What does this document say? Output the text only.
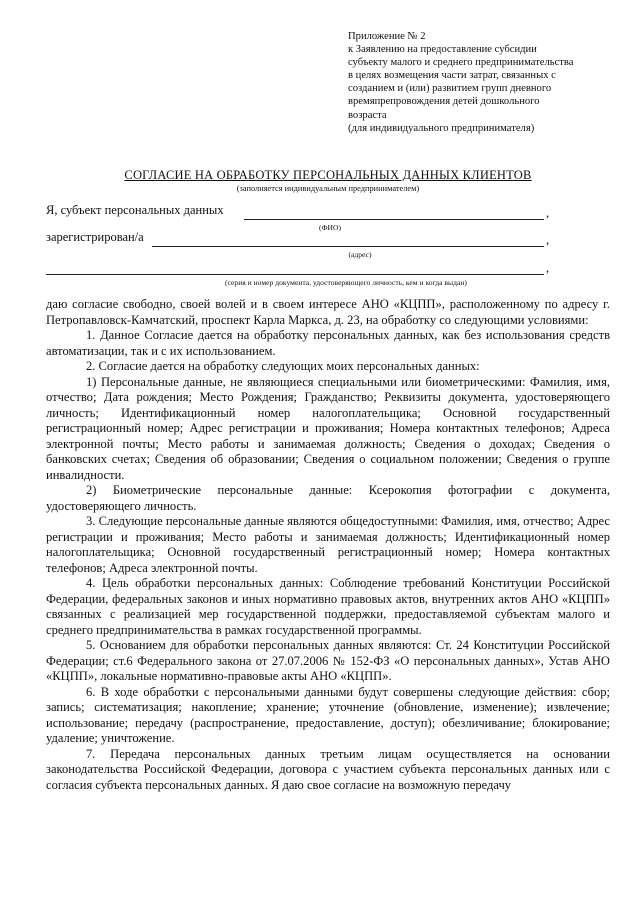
Приложение № 2
к Заявлению на предоставление субсидии
субъекту малого и среднего предпринимательства
в целях возмещения части затрат, связанных с
созданием и (или) развитием групп дневного
времяпрепровождения детей дошкольного
возраста
(для индивидуального предпринимателя)
СОГЛАСИЕ НА ОБРАБОТКУ ПЕРСОНАЛЬНЫХ ДАННЫХ КЛИЕНТОВ
(заполняется индивидуальным предпринимателем)
Я, субъект персональных данных	,
(ФИО)
зарегистрирован/а	,
(адрес)
,
(серия и номер документа, удостоверяющего личность, кем и когда выдан)

даю согласие свободно, своей волей и в своем интересе АНО «КЦПП», расположенному по адресу г. Петропавловск-Камчатский, проспект Карла Маркса, д. 23, на обработку со следующими условиями:

1. Данное Согласие дается на обработку персональных данных, как без использования средств автоматизации, так и с их использованием.

2. Согласие дается на обработку следующих моих персональных данных:

1) Персональные данные, не являющиеся специальными или биометрическими: Фамилия, имя, отчество; Дата рождения; Место Рождения; Гражданство; Реквизиты документа, удостоверяющего личность; Идентификационный номер налогоплательщика; Основной государственный регистрационный номер; Адрес регистрации и проживания; Номера контактных телефонов; Адреса электронной почты; Место работы и занимаемая должность; Сведения о доходах; Сведения о банковских счетах; Сведения об образовании; Сведения о социальном положении; Сведения о группе инвалидности.

2) Биометрические персональные данные: Ксерокопия фотографии с документа, удостоверяющего личность.

3. Следующие персональные данные являются общедоступными: Фамилия, имя, отчество; Адрес регистрации и проживания; Место работы и занимаемая должность; Идентификационный номер налогоплательщика; Основной государственный регистрационный номер; Номера контактных телефонов; Адреса электронной почты.

4. Цель обработки персональных данных: Соблюдение требований Конституции Российской Федерации, федеральных законов и иных нормативно правовых актов, внутренних актов АНО «КЦПП» связанных с реализацией мер государственной поддержки, предоставляемой субъектам малого и среднего предпринимательства в рамках государственной программы.

5. Основанием для обработки персональных данных являются: Ст. 24 Конституции Российской Федерации; ст.6 Федерального закона от 27.07.2006 № 152-ФЗ «О персональных данных», Устав АНО «КЦПП», локальные нормативно-правовые акты АНО «КЦПП».

6. В ходе обработки с персональными данными будут совершены следующие действия: сбор; запись; систематизация; накопление; хранение; уточнение (обновление, изменение); извлечение; использование; передачу (распространение, предоставление, доступ); обезличивание; блокирование; удаление; уничтожение.

7. Передача персональных данных третьим лицам осуществляется на основании законодательства Российской Федерации, договора с участием субъекта персональных данных или с согласия субъекта персональных данных. Я даю свое согласие на возможную передачу
